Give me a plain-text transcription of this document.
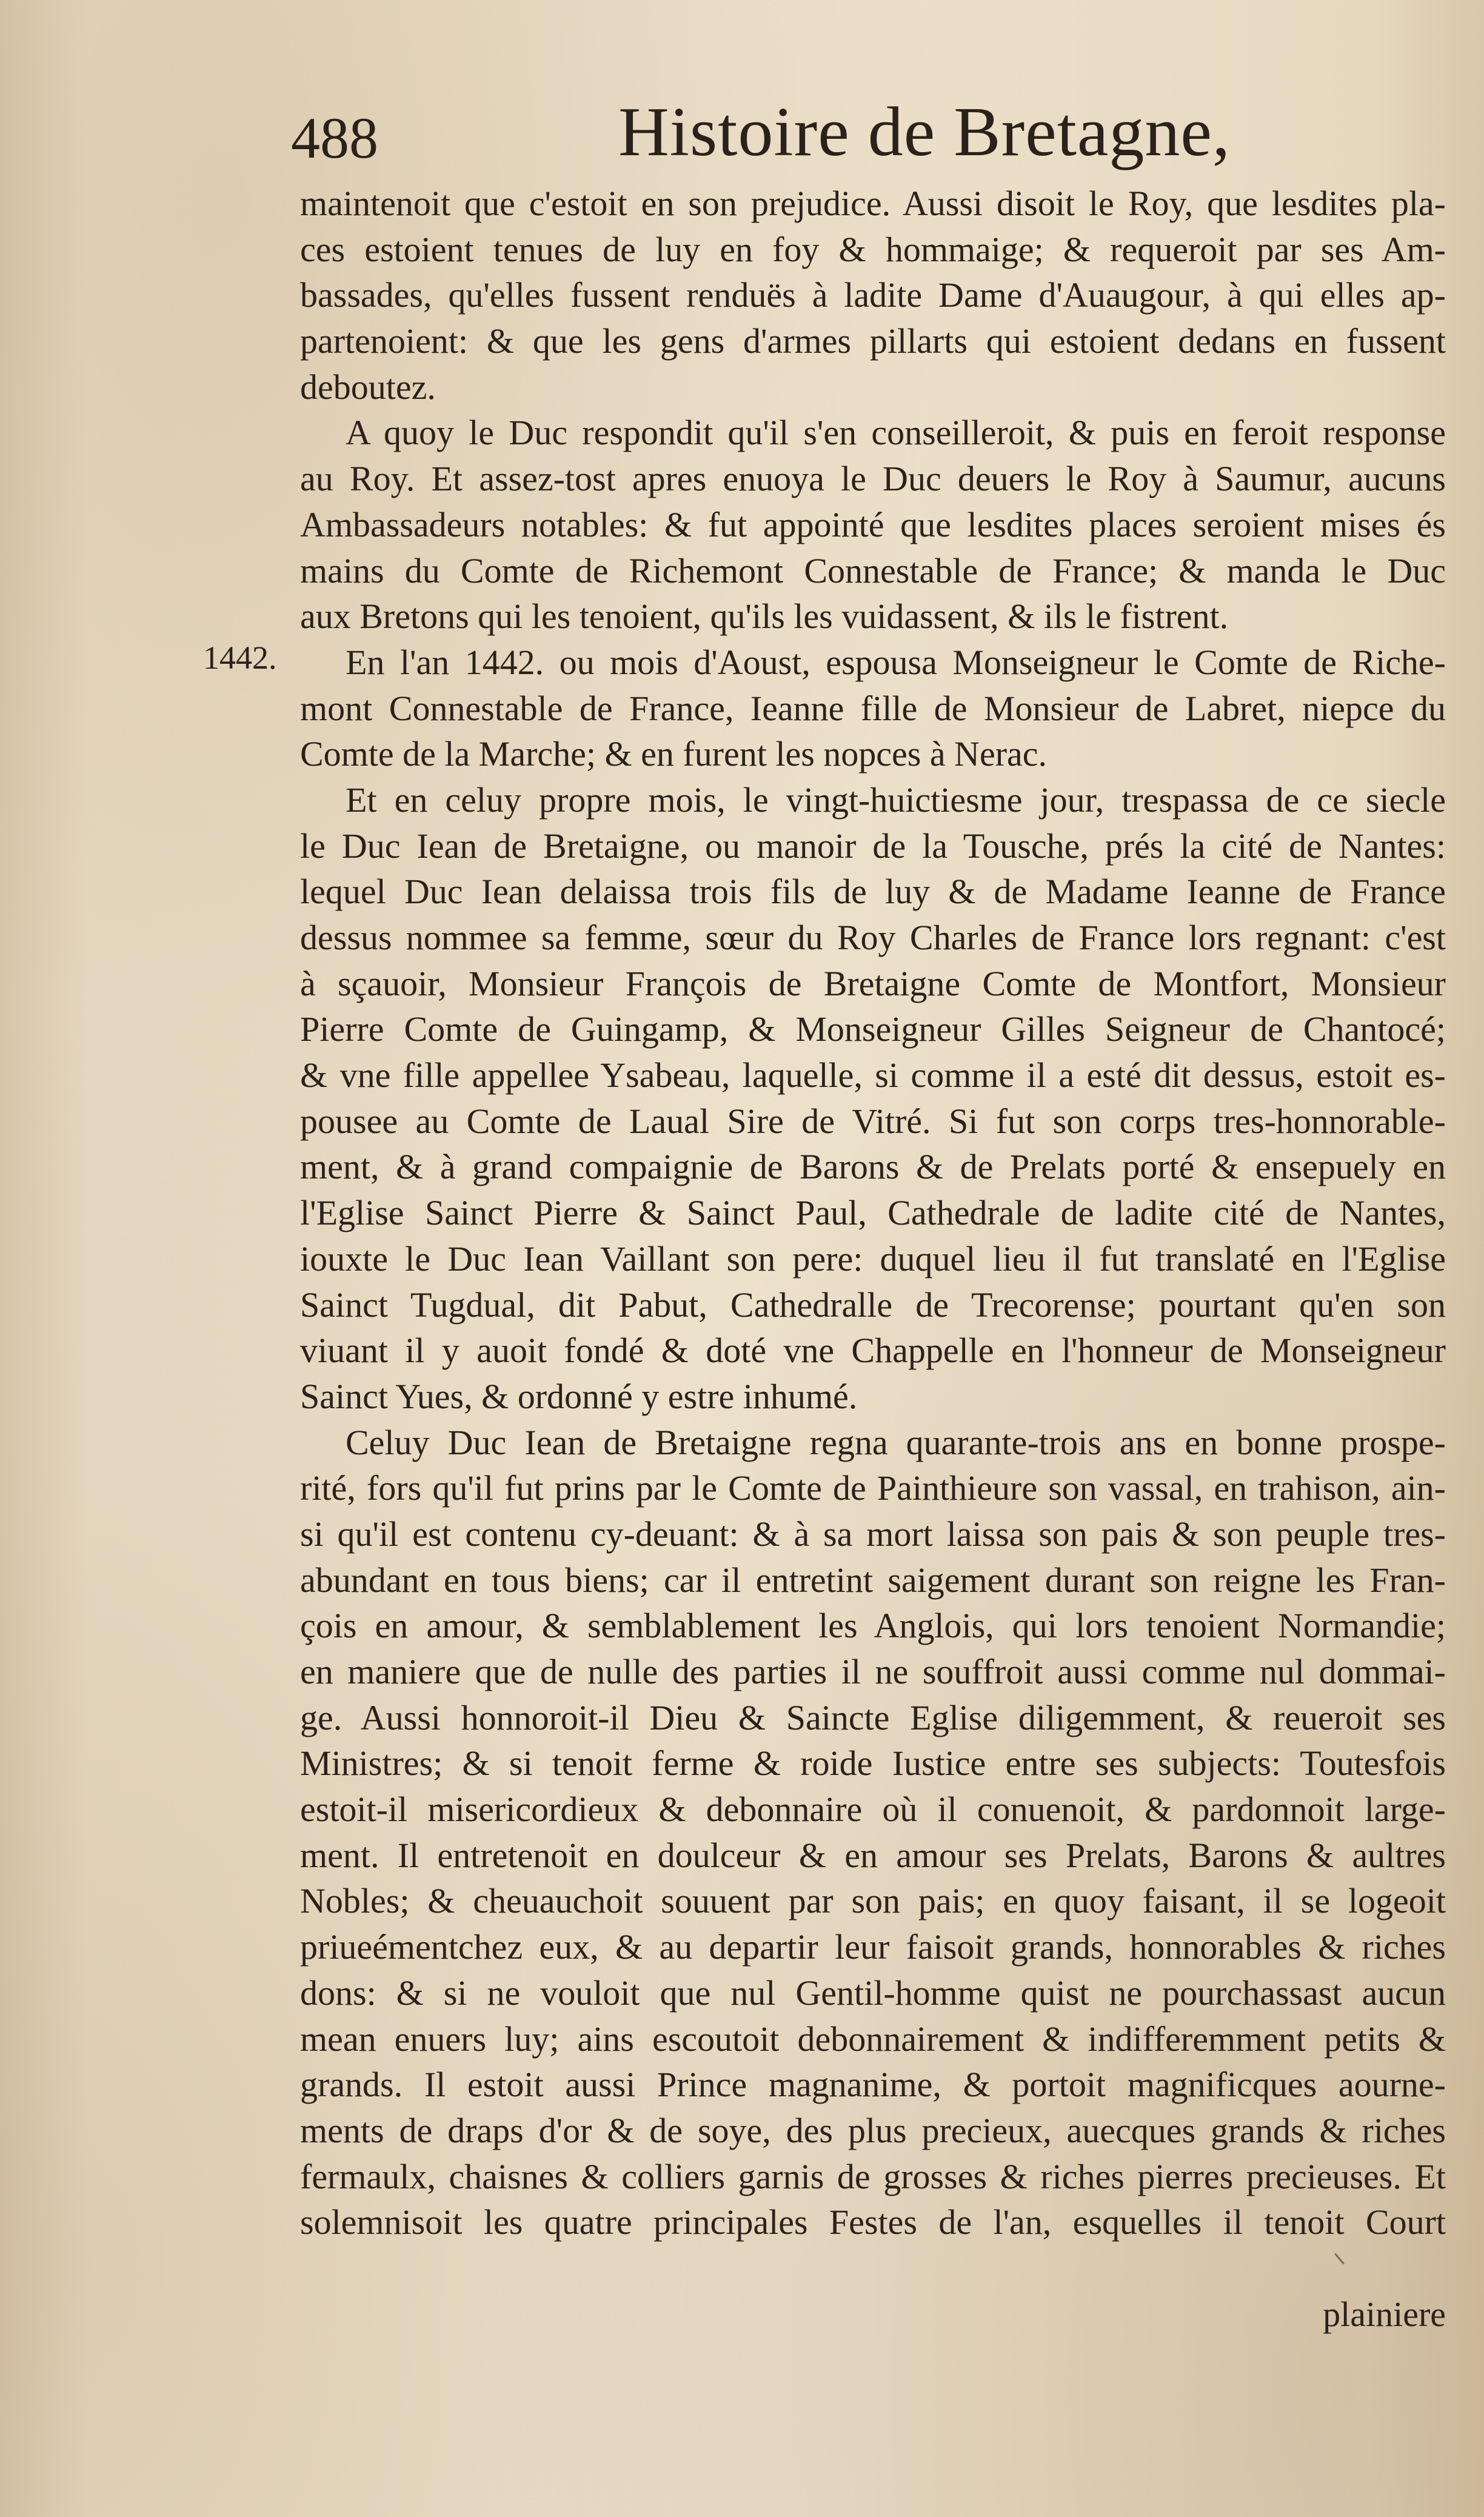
488	Histoire de Bretagne,
1442.
maintenoit que c'estoit en son prejudice. Aussi disoit le Roy, que lesdites pla-
ces estoient tenues de luy en foy & hommaige; & requeroit par ses Am-
bassades, qu'elles fussent renduës à ladite Dame d'Auaugour, à qui elles ap-
partenoient: & que les gens d'armes pillarts qui estoient dedans en fussent
deboutez.
A quoy le Duc respondit qu'il s'en conseilleroit, & puis en feroit response
au Roy. Et assez-tost apres enuoya le Duc deuers le Roy à Saumur, aucuns
Ambassadeurs notables: & fut appointé que lesdites places seroient mises és
mains du Comte de Richemont Connestable de France; & manda le Duc
aux Bretons qui les tenoient, qu'ils les vuidassent, & ils le fistrent.
En l'an 1442. ou mois d'Aoust, espousa Monseigneur le Comte de Riche-
mont Connestable de France, Ieanne fille de Monsieur de Labret, niepce du
Comte de la Marche; & en furent les nopces à Nerac.
Et en celuy propre mois, le vingt-huictiesme jour, trespassa de ce siecle
le Duc Iean de Bretaigne, ou manoir de la Tousche, prés la cité de Nantes:
lequel Duc Iean delaissa trois fils de luy & de Madame Ieanne de France
dessus nommee sa femme, sœur du Roy Charles de France lors regnant: c'est
à sçauoir, Monsieur François de Bretaigne Comte de Montfort, Monsieur
Pierre Comte de Guingamp, & Monseigneur Gilles Seigneur de Chantocé;
& vne fille appellee Ysabeau, laquelle, si comme il a esté dit dessus, estoit es-
pousee au Comte de Laual Sire de Vitré. Si fut son corps tres-honnorable-
ment, & à grand compaignie de Barons & de Prelats porté & ensepuely en
l'Eglise Sainct Pierre & Sainct Paul, Cathedrale de ladite cité de Nantes,
iouxte le Duc Iean Vaillant son pere: duquel lieu il fut translaté en l'Eglise
Sainct Tugdual, dit Pabut, Cathedralle de Trecorense; pourtant qu'en son
viuant il y auoit fondé & doté vne Chappelle en l'honneur de Monseigneur
Sainct Yues, & ordonné y estre inhumé.
Celuy Duc Iean de Bretaigne regna quarante-trois ans en bonne prospe-
rité, fors qu'il fut prins par le Comte de Painthieure son vassal, en trahison, ain-
si qu'il est contenu cy-deuant: & à sa mort laissa son pais & son peuple tres-
abundant en tous biens; car il entretint saigement durant son reigne les Fran-
çois en amour, & semblablement les Anglois, qui lors tenoient Normandie;
en maniere que de nulle des parties il ne souffroit aussi comme nul dommai-
ge. Aussi honnoroit-il Dieu & Saincte Eglise diligemment, & reueroit ses
Ministres; & si tenoit ferme & roide Iustice entre ses subjects: Toutesfois
estoit-il misericordieux & debonnaire où il conuenoit, & pardonnoit large-
ment. Il entretenoit en doulceur & en amour ses Prelats, Barons & aultres
Nobles; & cheuauchoit souuent par son pais; en quoy faisant, il se logeoit
priueémentchez eux, & au departir leur faisoit grands, honnorables & riches
dons: & si ne vouloit que nul Gentil-homme quist ne pourchassast aucun
mean enuers luy; ains escoutoit debonnairement & indifferemment petits &
grands. Il estoit aussi Prince magnanime, & portoit magnificques aourne-
ments de draps d'or & de soye, des plus precieux, auecques grands & riches
fermaulx, chaisnes & colliers garnis de grosses & riches pierres precieuses. Et
solemnisoit les quatre principales Festes de l'an, esquelles il tenoit Court
plainiere
